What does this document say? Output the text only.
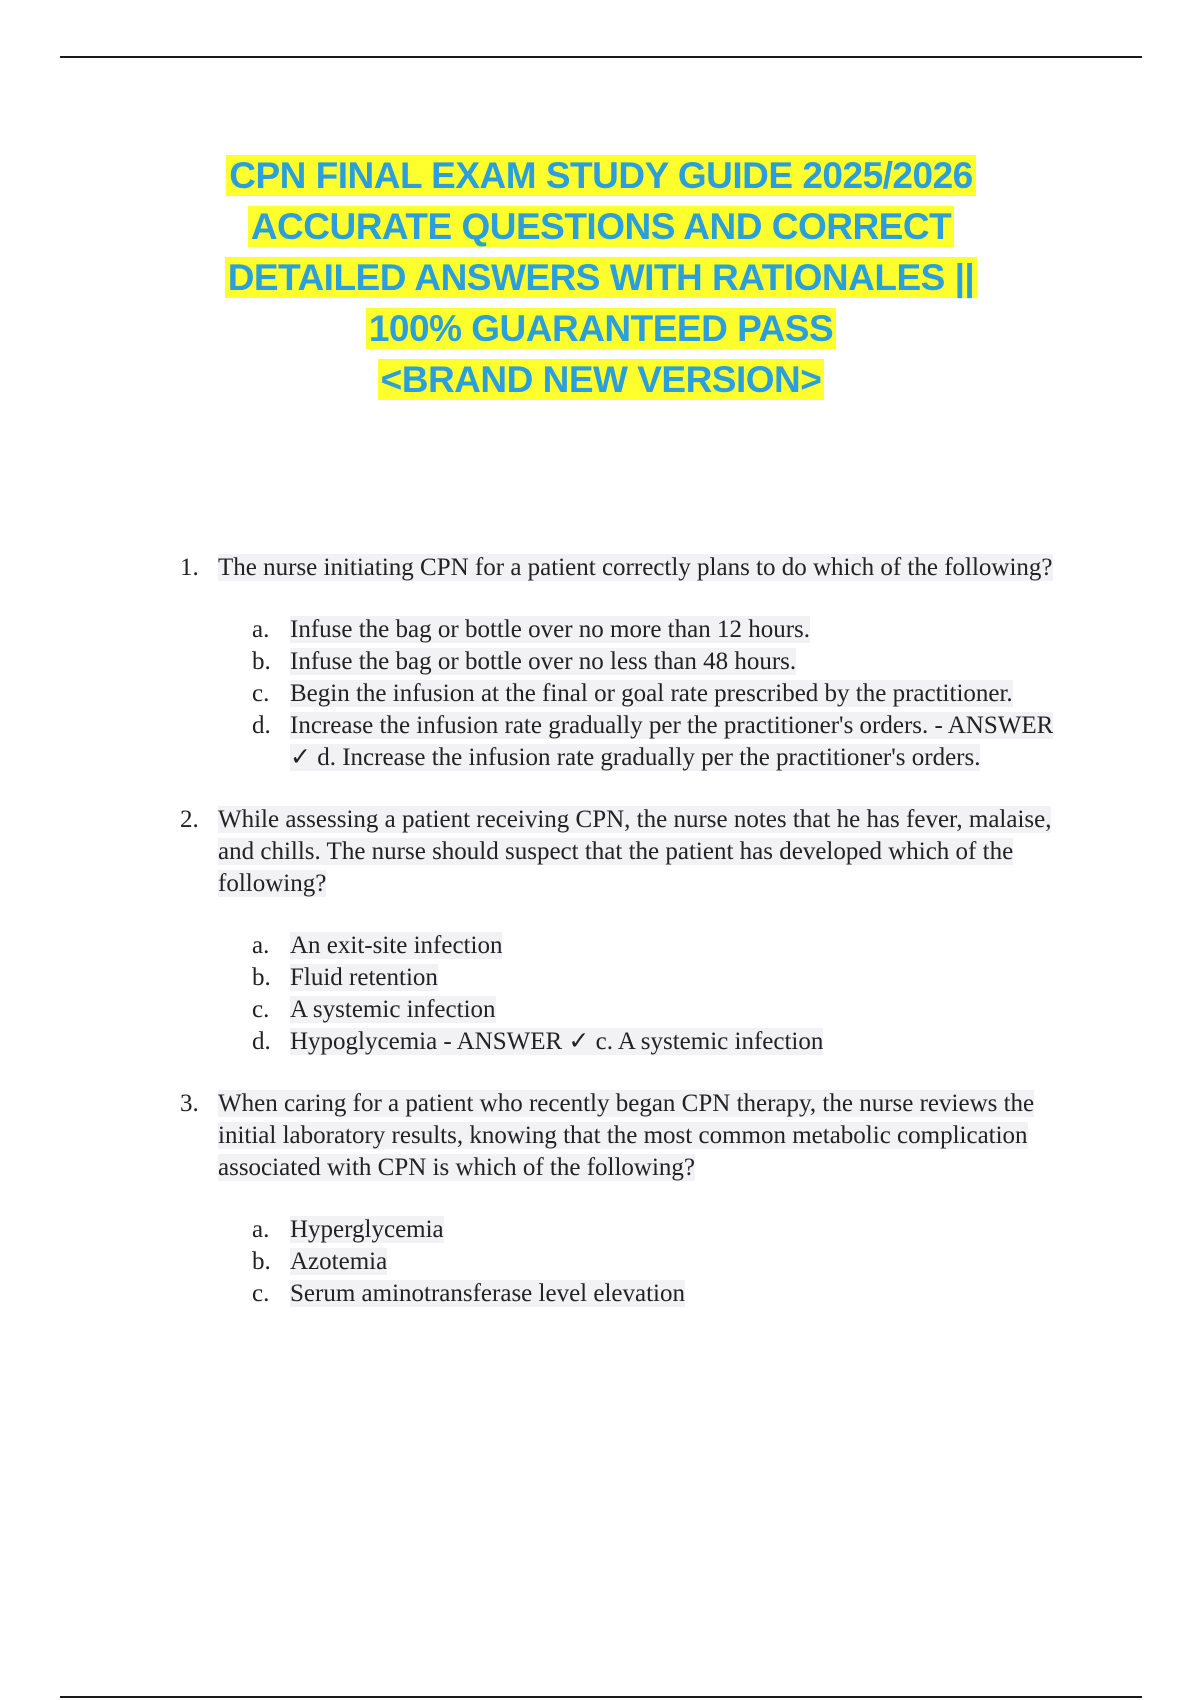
CPN FINAL EXAM STUDY GUIDE 2025/2026
ACCURATE QUESTIONS AND CORRECT
DETAILED ANSWERS WITH RATIONALES ||
100% GUARANTEED PASS
<BRAND NEW VERSION>
1. The nurse initiating CPN for a patient correctly plans to do which of the following?
a. Infuse the bag or bottle over no more than 12 hours.
b. Infuse the bag or bottle over no less than 48 hours.
c. Begin the infusion at the final or goal rate prescribed by the practitioner.
d. Increase the infusion rate gradually per the practitioner's orders. - ANSWER ✓ d. Increase the infusion rate gradually per the practitioner's orders.
2. While assessing a patient receiving CPN, the nurse notes that he has fever, malaise, and chills. The nurse should suspect that the patient has developed which of the following?
a. An exit-site infection
b. Fluid retention
c. A systemic infection
d. Hypoglycemia - ANSWER ✓ c. A systemic infection
3. When caring for a patient who recently began CPN therapy, the nurse reviews the initial laboratory results, knowing that the most common metabolic complication associated with CPN is which of the following?
a. Hyperglycemia
b. Azotemia
c. Serum aminotransferase level elevation
